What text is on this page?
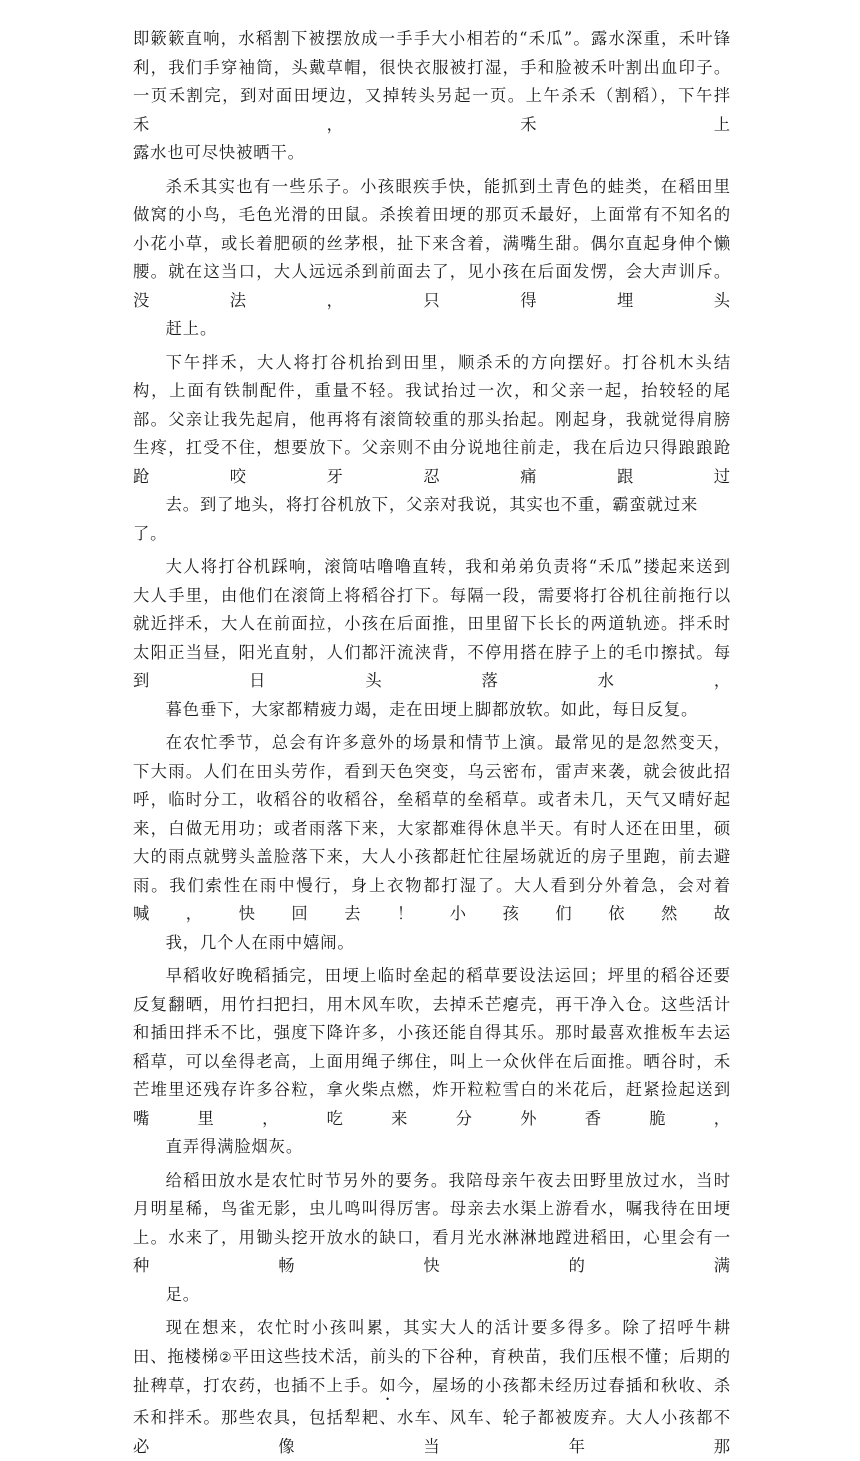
即簌簌直响，水稻割下被摆放成一手手大小相若的“禾瓜”。露水深重，禾叶锋利，我们手穿袖筒，头戴草帽，很快衣服被打湿，手和脸被禾叶割出血印子。一页禾割完，到对面田埂边，又掉转头另起一页。上午杀禾（割稻），下午拌禾，禾上
露水也可尽快被晒干。

杀禾其实也有一些乐子。小孩眼疾手快，能抓到土青色的蛙类，在稻田里做窝的小鸟，毛色光滑的田鼠。杀挨着田埂的那页禾最好，上面常有不知名的小花小草，或长着肥硕的丝茅根，扯下来含着，满嘴生甜。偶尔直起身伸个懒腰。就在这当口，大人远远杀到前面去了，见小孩在后面发愣，会大声训斥。没法，只得埋头
赶上。

下午拌禾，大人将打谷机抬到田里，顺杀禾的方向摆好。打谷机木头结构，上面有铁制配件，重量不轻。我试抬过一次，和父亲一起，抬较轻的尾部。父亲让我先起肩，他再将有滚筒较重的那头抬起。刚起身，我就觉得肩膀生疼，扛受不住，想要放下。父亲则不由分说地往前走，我在后边只得踉踉跄跄咬牙忍痛跟过
去。到了地头，将打谷机放下，父亲对我说，其实也不重，霸蛮就过来了。

大人将打谷机踩响，滚筒咕噜噜直转，我和弟弟负责将“禾瓜”搂起来送到大人手里，由他们在滚筒上将稻谷打下。每隔一段，需要将打谷机往前拖行以就近拌禾，大人在前面拉，小孩在后面推，田里留下长长的两道轨迹。拌禾时太阳正当昼，阳光直射，人们都汗流浃背，不停用搭在脖子上的毛巾擦拭。每到日头落水，
暮色垂下，大家都精疲力竭，走在田埂上脚都放软。如此，每日反复。

在农忙季节，总会有许多意外的场景和情节上演。最常见的是忽然变天，下大雨。人们在田头劳作，看到天色突变，乌云密布，雷声来袭，就会彼此招呼，临时分工，收稻谷的收稻谷，垒稻草的垒稻草。或者未几，天气又晴好起来，白做无用功；或者雨落下来，大家都难得休息半天。有时人还在田里，硕大的雨点就劈头盖脸落下来，大人小孩都赶忙往屋场就近的房子里跑，前去避雨。我们索性在雨中慢行，身上衣物都打湿了。大人看到分外着急，会对着喊，快回去！小孩们依然故
我，几个人在雨中嬉闹。

早稻收好晚稻插完，田埂上临时垒起的稻草要设法运回；坪里的稻谷还要反复翻晒，用竹扫把扫，用木风车吹，去掉禾芒瘪壳，再干净入仓。这些活计和插田拌禾不比，强度下降许多，小孩还能自得其乐。那时最喜欢推板车去运稻草，可以垒得老高，上面用绳子绑住，叫上一众伙伴在后面推。晒谷时，禾芒堆里还残存许多谷粒，拿火柴点燃，炸开粒粒雪白的米花后，赶紧捡起送到嘴里，吃来分外香脆，
直弄得满脸烟灰。

给稻田放水是农忙时节另外的要务。我陪母亲午夜去田野里放过水，当时月明星稀，鸟雀无影，虫儿鸣叫得厉害。母亲去水渠上游看水，嘱我待在田埂上。水来了，用锄头挖开放水的缺口，看月光水淋淋地蹚进稻田，心里会有一种畅快的满
足。

现在想来，农忙时小孩叫累，其实大人的活计要多得多。除了招呼牛耕田、拖楼梯②平田这些技术活，前头的下谷种，育秧苗，我们压根不懂；后期的扯稗草，打农药，也插不上手。如今，屋场的小孩都未经历过春插和秋收、杀禾和拌禾。那些农具，包括犁耙、水车、风车、轮子都被废弃。大人小孩都不必像当年那
